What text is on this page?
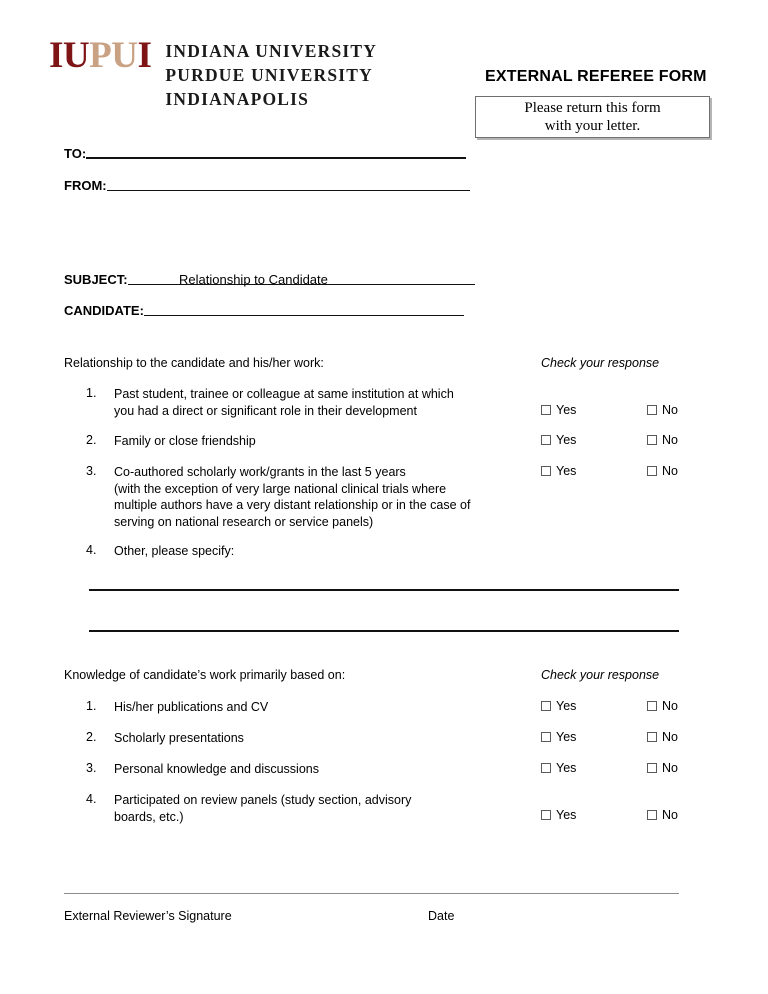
IUPUI INDIANA UNIVERSITY
PURDUE UNIVERSITY
INDIANAPOLIS
EXTERNAL REFEREE FORM
Please return this form
with your letter.
TO:
FROM:
SUBJECT:	Relationship to Candidate
CANDIDATE:
Relationship to the candidate and his/her work:	Check your response
1.	Past student, trainee or colleague at same institution at which
you had a direct or significant role in their development	Yes	No
2.	Family or close friendship	Yes	No
3.	Co-authored scholarly work/grants in the last 5 years
(with the exception of very large national clinical trials where
multiple authors have a very distant relationship or in the case of
serving on national research or service panels)
Yes	No
4.	Other, please specify:
Knowledge of candidate’s work primarily based on:	Check your response
1.	His/her publications and CV	Yes	No
2.	Scholarly presentations	Yes	No
3.	Personal knowledge and discussions	Yes	No
4.	Participated on review panels (study section, advisory
boards, etc.)	Yes	No
External Reviewer’s Signature	Date
